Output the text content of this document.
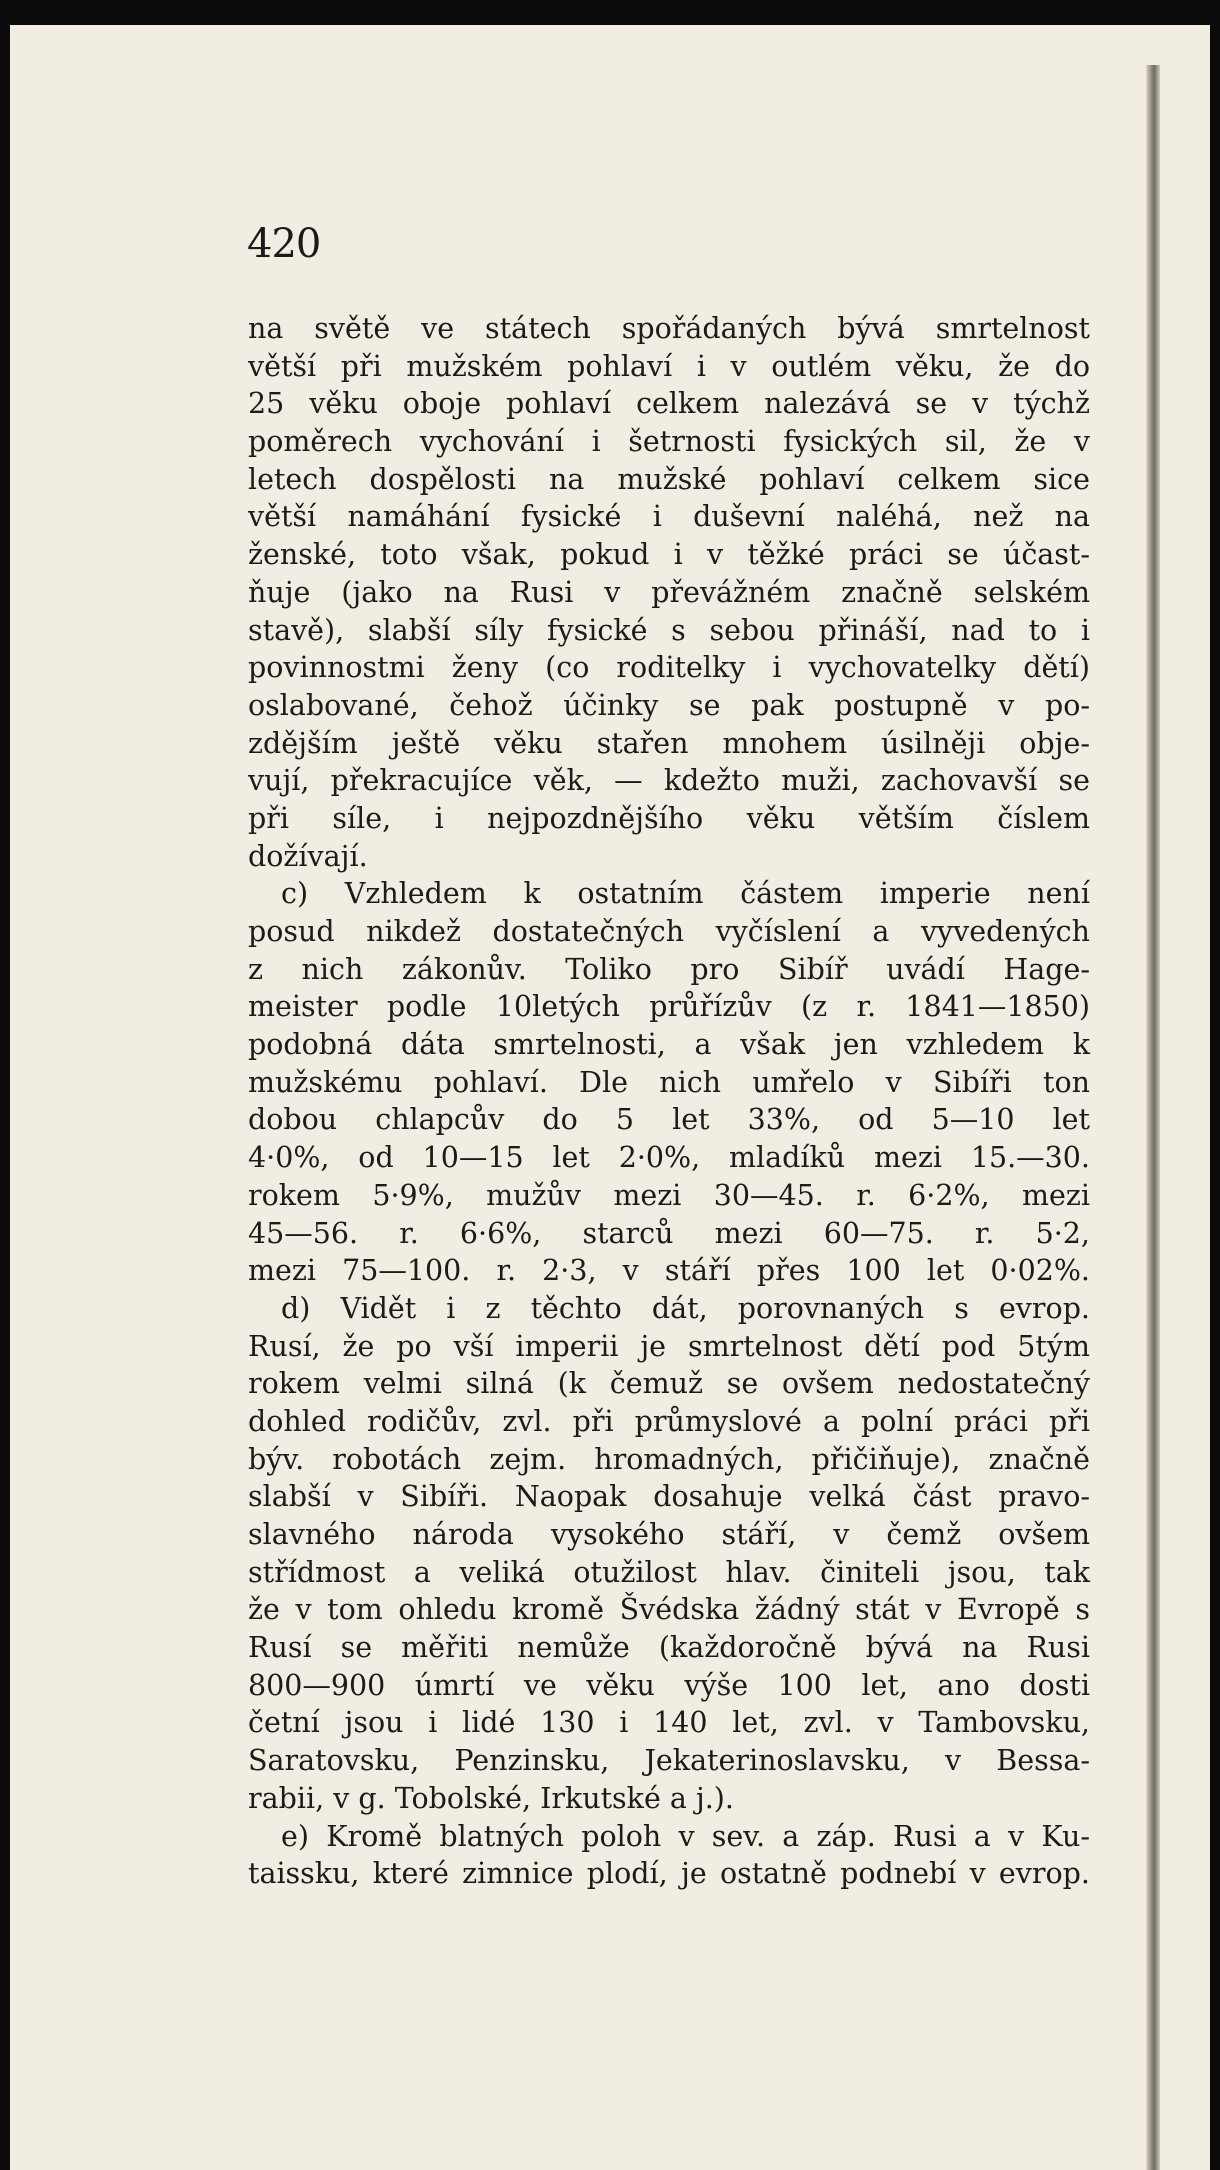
420
na světě ve státech spořádaných bývá smrtelnost
větší při mužském pohlaví i v outlém věku, že do
25 věku oboje pohlaví celkem nalezává se v týchž
poměrech vychování i šetrnosti fysických sil, že v
letech dospělosti na mužské pohlaví celkem sice
větší namáhání fysické i duševní naléhá, než na
ženské, toto však, pokud i v těžké práci se účast-
ňuje (jako na Rusi v převážném značně selském
stavě), slabší síly fysické s sebou přináší, nad to i
povinnostmi ženy (co roditelky i vychovatelky dětí)
oslabované, čehož účinky se pak postupně v po-
zdějším ještě věku stařen mnohem úsilněji obje-
vují, překracujíce věk, — kdežto muži, zachovavší se
při síle, i nejpozdnějšího věku větším číslem
dožívají.
c) Vzhledem k ostatním částem imperie není
posud nikdež dostatečných vyčíslení a vyvedených
z nich zákonův. Toliko pro Sibíř uvádí Hage-
meister podle 10letých průřízův (z r. 1841—1850)
podobná dáta smrtelnosti, a však jen vzhledem k
mužskému pohlaví. Dle nich umřelo v Sibíři ton
dobou chlapcův do 5 let 33%, od 5—10 let
4·0%, od 10—15 let 2·0%, mladíků mezi 15.—30.
rokem 5·9%, mužův mezi 30—45. r. 6·2%, mezi
45—56. r. 6·6%, starců mezi 60—75. r. 5·2,
mezi 75—100. r. 2·3, v stáří přes 100 let 0·02%.
d) Vidět i z těchto dát, porovnaných s evrop.
Rusí, že po vší imperii je smrtelnost dětí pod 5tým
rokem velmi silná (k čemuž se ovšem nedostatečný
dohled rodičův, zvl. při průmyslové a polní práci při
býv. robotách zejm. hromadných, přičiňuje), značně
slabší v Sibíři. Naopak dosahuje velká část pravo-
slavného národa vysokého stáří, v čemž ovšem
střídmost a veliká otužilost hlav. činiteli jsou, tak
že v tom ohledu kromě Švédska žádný stát v Evropě s
Rusí se měřiti nemůže (každoročně bývá na Rusi
800—900 úmrtí ve věku výše 100 let, ano dosti
četní jsou i lidé 130 i 140 let, zvl. v Tambovsku,
Saratovsku, Penzinsku, Jekaterinoslavsku, v Bessa-
rabii, v g. Tobolské, Irkutské a j.).
e) Kromě blatných poloh v sev. a záp. Rusi a v Ku-
taissku, které zimnice plodí, je ostatně podnebí v evrop.
